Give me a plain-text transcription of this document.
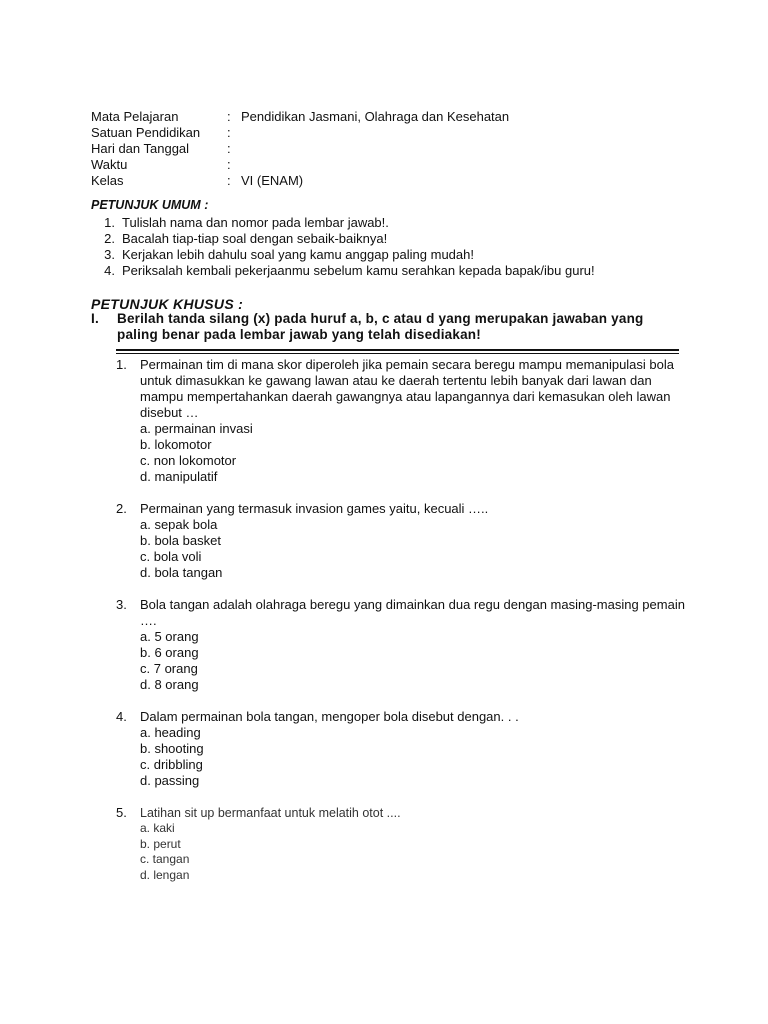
Mata Pelajaran	: Pendidikan Jasmani, Olahraga dan Kesehatan
Satuan Pendidikan :
Hari dan Tanggal	:
Waktu	:
Kelas	: VI (ENAM)
PETUNJUK UMUM :
1. Tulislah nama dan nomor pada lembar jawab!.
2. Bacalah tiap-tiap soal dengan sebaik-baiknya!
3. Kerjakan lebih dahulu soal yang kamu anggap paling mudah!
4.Periksalah kembali pekerjaanmu sebelum kamu serahkan kepada bapak/ibu guru!
PETUNJUK KHUSUS :
I. Berilah tanda silang (x) pada huruf a, b, c atau d yang merupakan jawaban yang paling benar pada lembar jawab yang telah disediakan!
1. Permainan tim di mana skor diperoleh jika pemain secara beregu mampu memanipulasi bola untuk dimasukkan ke gawang lawan atau ke daerah tertentu lebih banyak dari lawan dan mampu mempertahankan daerah gawangnya atau lapangannya dari kemasukan oleh lawan disebut …
a. permainan invasi
b. lokomotor
c. non lokomotor
d. manipulatif
2. Permainan yang termasuk invasion games yaitu, kecuali …..
a. sepak bola
b. bola basket
c. bola voli
d. bola tangan
3. Bola tangan adalah olahraga beregu yang dimainkan dua regu dengan masing-masing pemain ….
a. 5 orang
b. 6 orang
c. 7 orang
d. 8 orang
4. Dalam permainan bola tangan, mengoper bola disebut dengan. . .
a. heading
b. shooting
c. dribbling
d. passing
5. Latihan sit up bermanfaat untuk melatih otot ....
a. kaki
b. perut
c. tangan
d. lengan
